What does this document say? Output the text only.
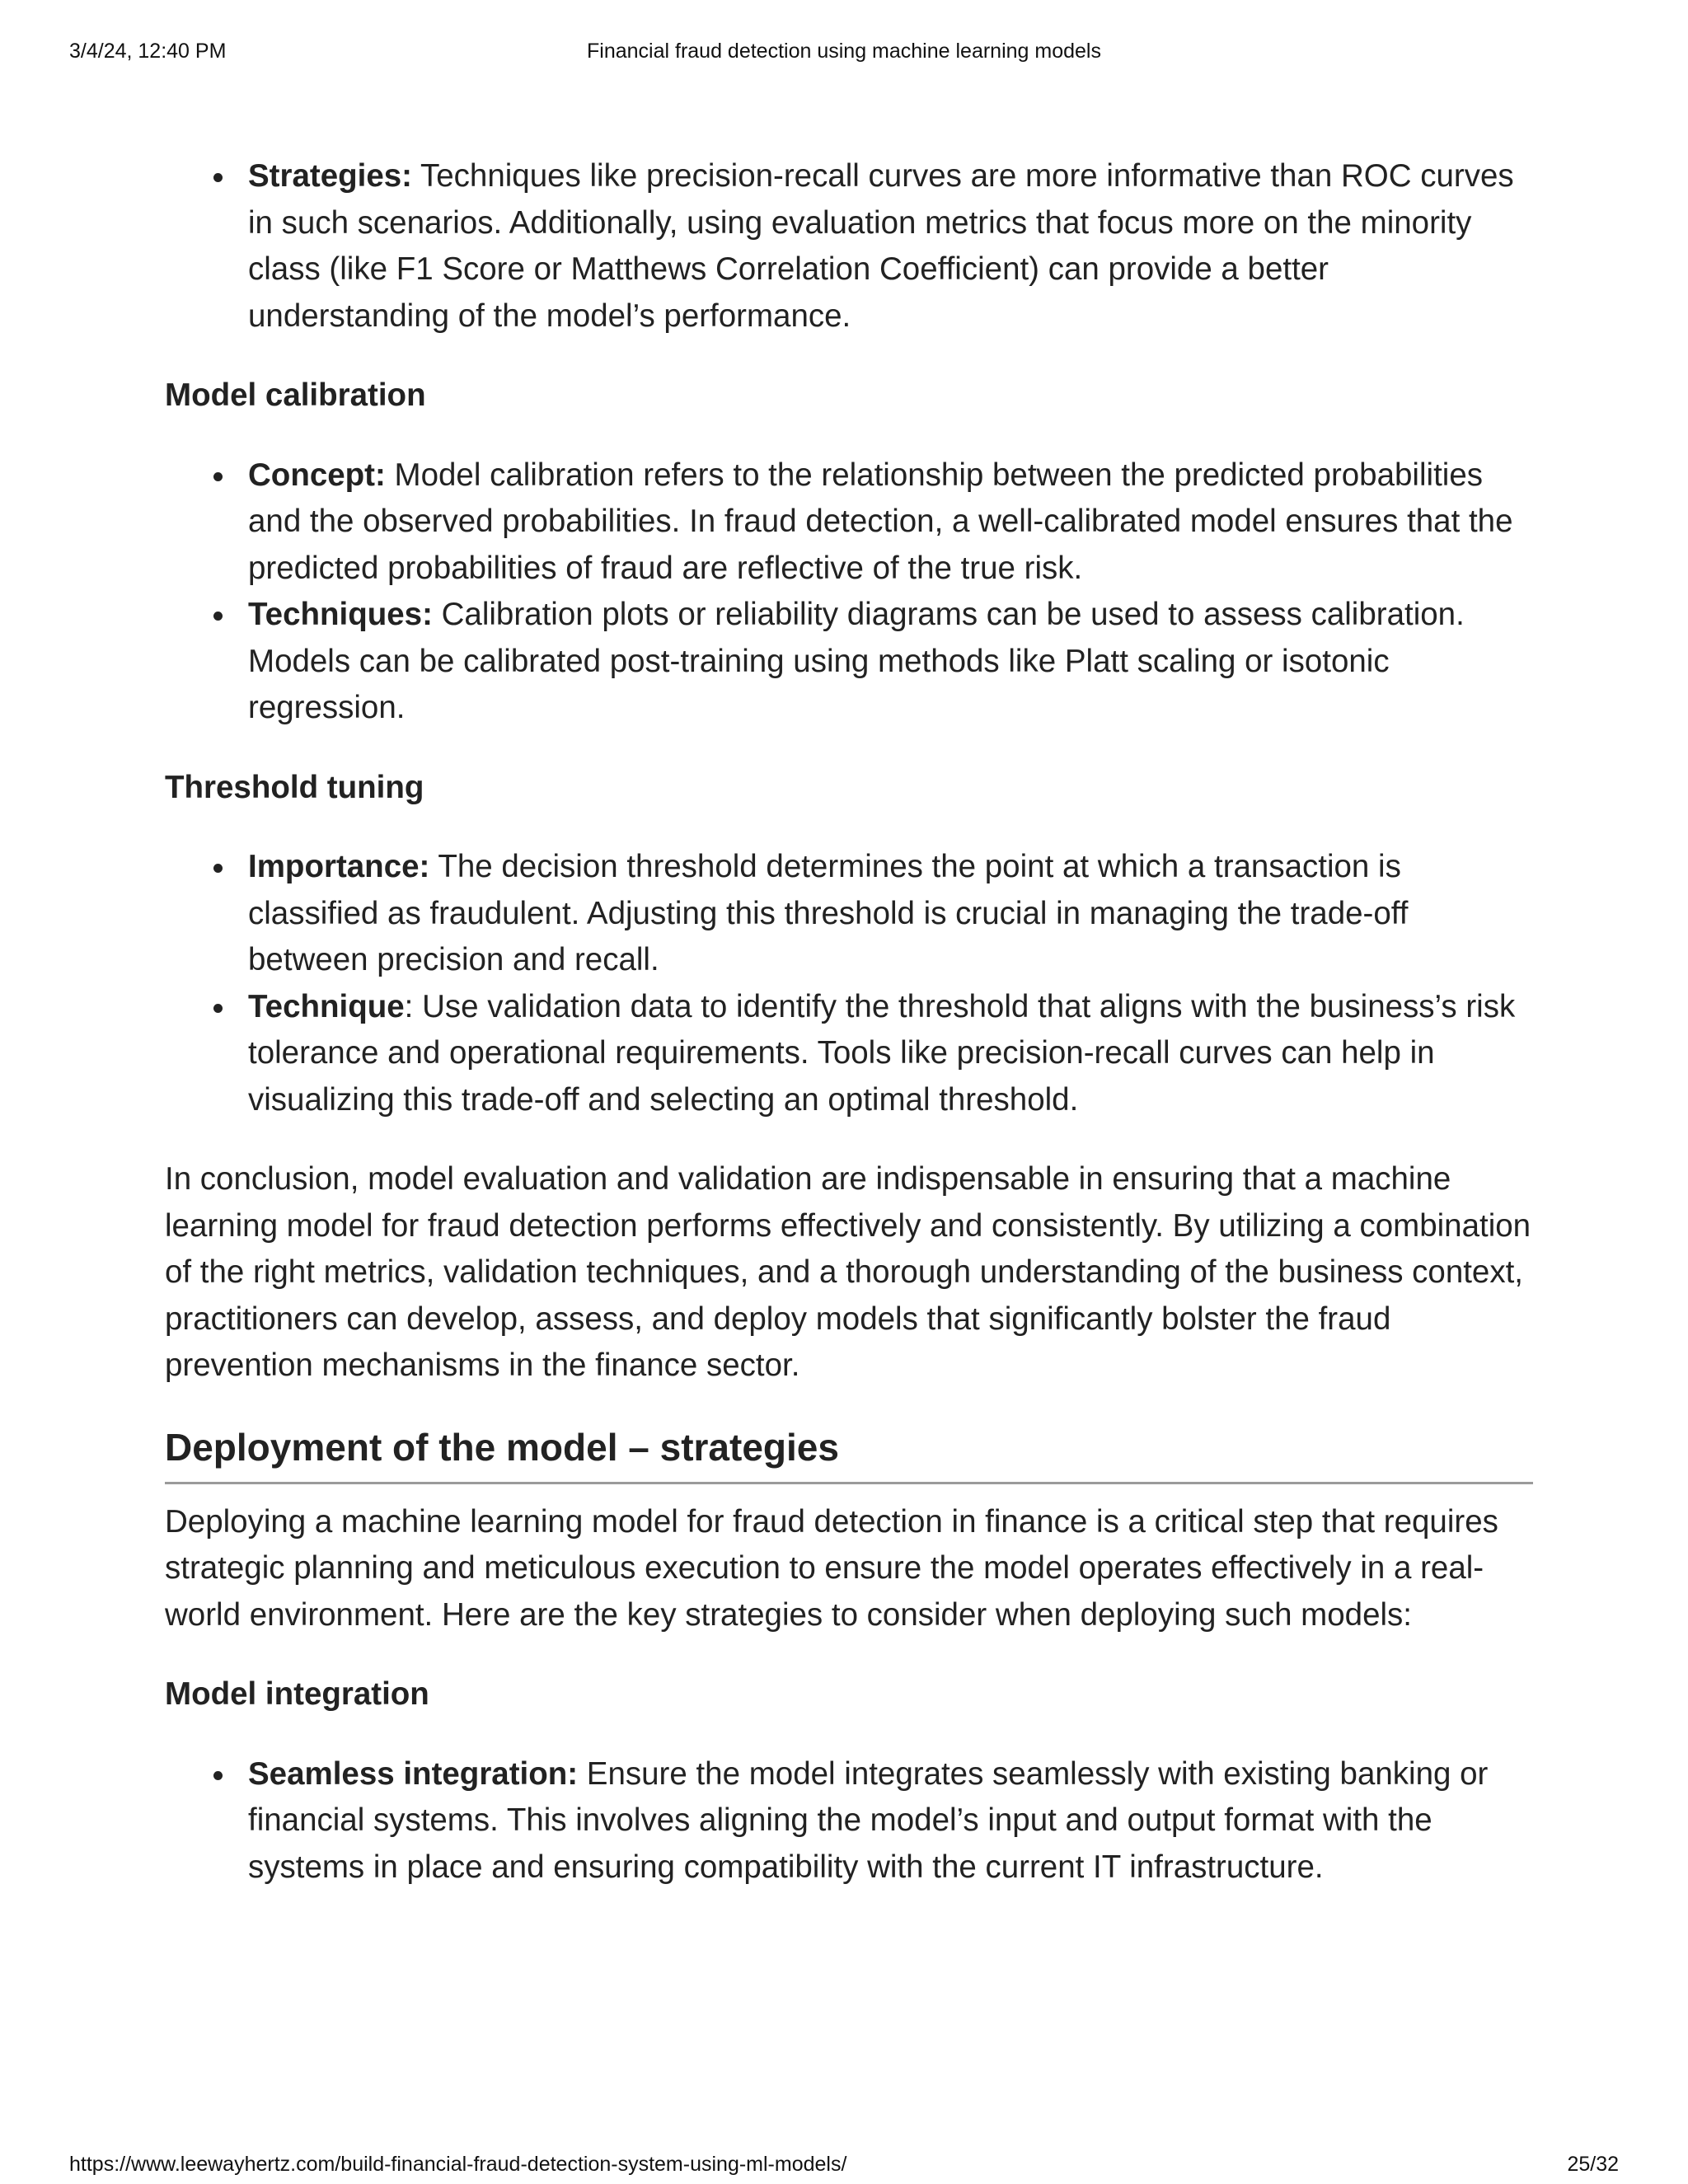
3/4/24, 12:40 PM	Financial fraud detection using machine learning models
Strategies: Techniques like precision-recall curves are more informative than ROC curves in such scenarios. Additionally, using evaluation metrics that focus more on the minority class (like F1 Score or Matthews Correlation Coefficient) can provide a better understanding of the model’s performance.
Model calibration
Concept: Model calibration refers to the relationship between the predicted probabilities and the observed probabilities. In fraud detection, a well-calibrated model ensures that the predicted probabilities of fraud are reflective of the true risk.
Techniques: Calibration plots or reliability diagrams can be used to assess calibration. Models can be calibrated post-training using methods like Platt scaling or isotonic regression.
Threshold tuning
Importance: The decision threshold determines the point at which a transaction is classified as fraudulent. Adjusting this threshold is crucial in managing the trade-off between precision and recall.
Technique: Use validation data to identify the threshold that aligns with the business’s risk tolerance and operational requirements. Tools like precision-recall curves can help in visualizing this trade-off and selecting an optimal threshold.

In conclusion, model evaluation and validation are indispensable in ensuring that a machine learning model for fraud detection performs effectively and consistently. By utilizing a combination of the right metrics, validation techniques, and a thorough understanding of the business context, practitioners can develop, assess, and deploy models that significantly bolster the fraud prevention mechanisms in the finance sector.

Deployment of the model – strategies

Deploying a machine learning model for fraud detection in finance is a critical step that requires strategic planning and meticulous execution to ensure the model operates effectively in a real-world environment. Here are the key strategies to consider when deploying such models:

Model integration
Seamless integration: Ensure the model integrates seamlessly with existing banking or financial systems. This involves aligning the model’s input and output format with the systems in place and ensuring compatibility with the current IT infrastructure.
https://www.leewayhertz.com/build-financial-fraud-detection-system-using-ml-models/	25/32
